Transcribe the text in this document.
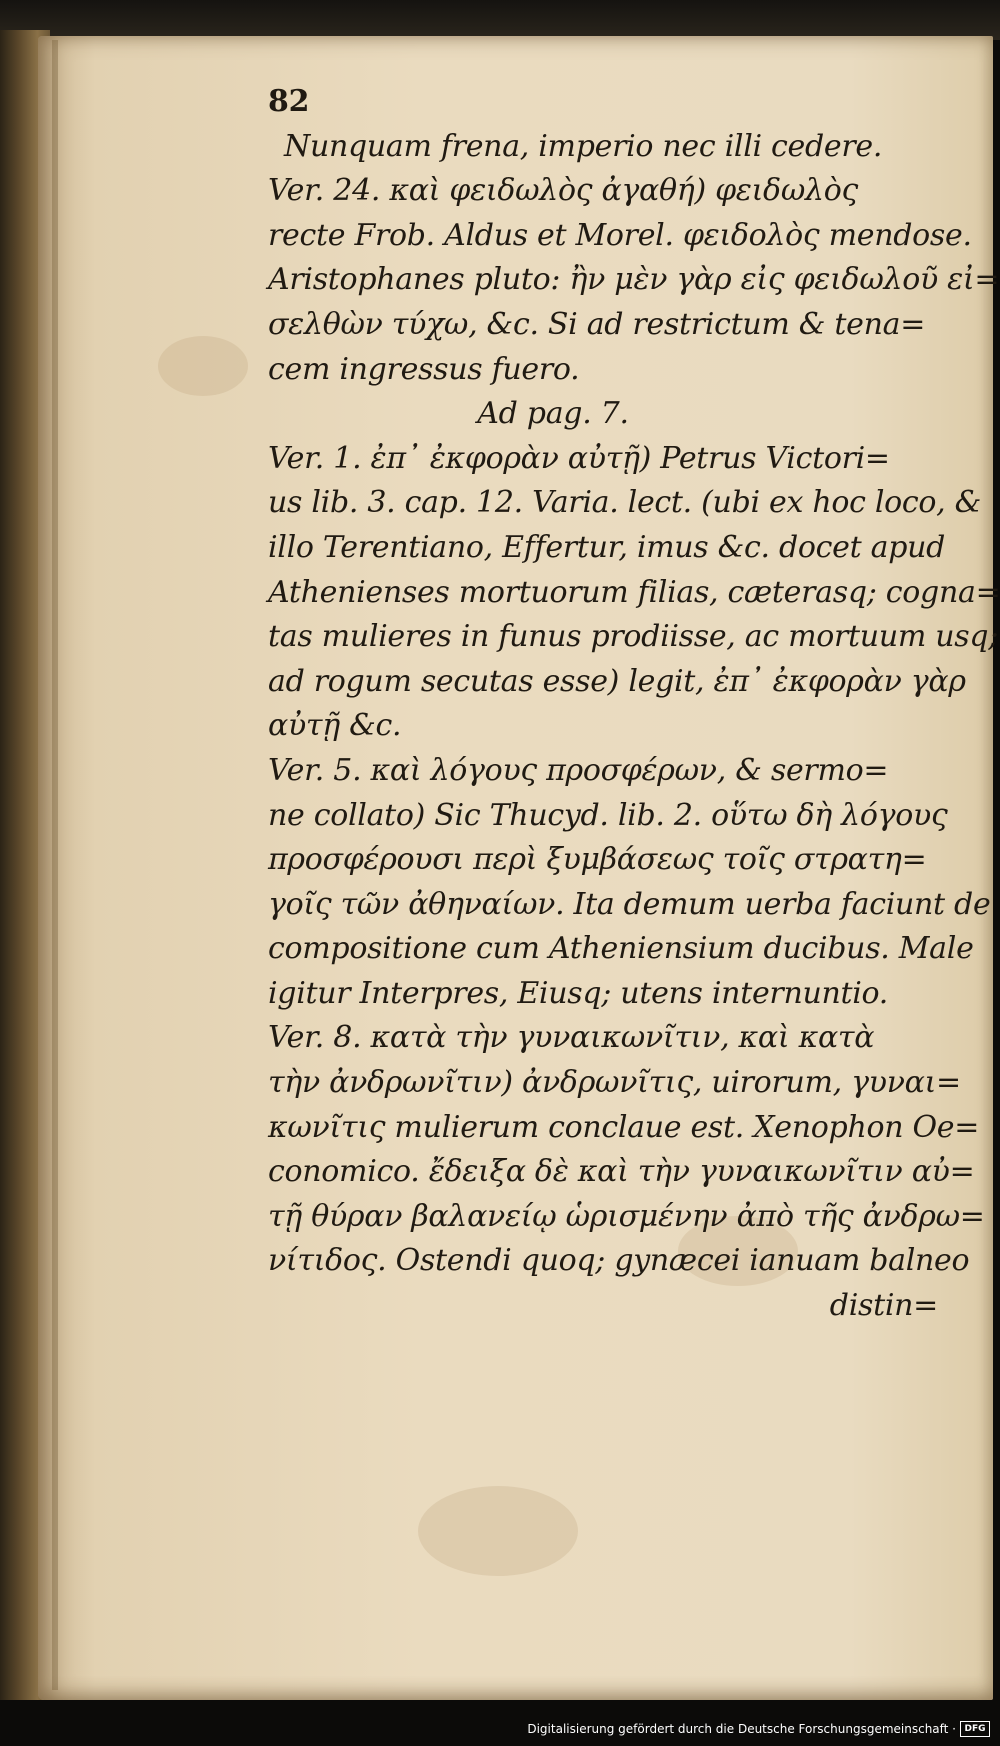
82
Nunquam frena, imperio nec illi cedere.
Ver. 24. καὶ φειδωλὸς ἀγαθή) φειδωλὸς
recte Frob. Aldus et Morel. φειδολὸς mendose.
Aristophanes pluto: ἢν μὲν γὰρ εἰς φειδωλοῦ εἰ=
σελθὼν τύχω, &c. Si ad restrictum & tena=
cem ingressus fuero.
Ad pag. 7.
Ver. 1. ἐπ᾽ ἐκφορὰν αὐτῇ) Petrus Victori=
us lib. 3. cap. 12. Varia. lect. (ubi ex hoc loco, &
illo Terentiano, Effertur, imus &c. docet apud
Athenienses mortuorum filias, cæterasq; cogna=
tas mulieres in funus prodiisse, ac mortuum usq;
ad rogum secutas esse) legit, ἐπ᾽ ἐκφορὰν γὰρ
αὐτῇ &c.
Ver. 5. καὶ λόγους προσφέρων, & sermo=
ne collato) Sic Thucyd. lib. 2. οὕτω δὴ λόγους
προσφέρουσι περὶ ξυμβάσεως τοῖς στρατη=
γοῖς τῶν ἀθηναίων. Ita demum uerba faciunt de
compositione cum Atheniensium ducibus. Male
igitur Interpres, Eiusq; utens internuntio.
Ver. 8. κατὰ τὴν γυναικωνῖτιν, καὶ κατὰ
τὴν ἀνδρωνῖτιν) ἀνδρωνῖτις, uirorum, γυναι=
κωνῖτις mulierum conclaue est. Xenophon Oe=
conomico. ἔδειξα δὲ καὶ τὴν γυναικωνῖτιν αὐ=
τῇ θύραν βαλανείῳ ὡρισμένην ἀπὸ τῆς ἀνδρω=
νίτιδος. Ostendi quoq; gynæcei ianuam balneo
distin=
Digitalisierung gefördert durch die Deutsche Forschungsgemeinschaft · DFG
